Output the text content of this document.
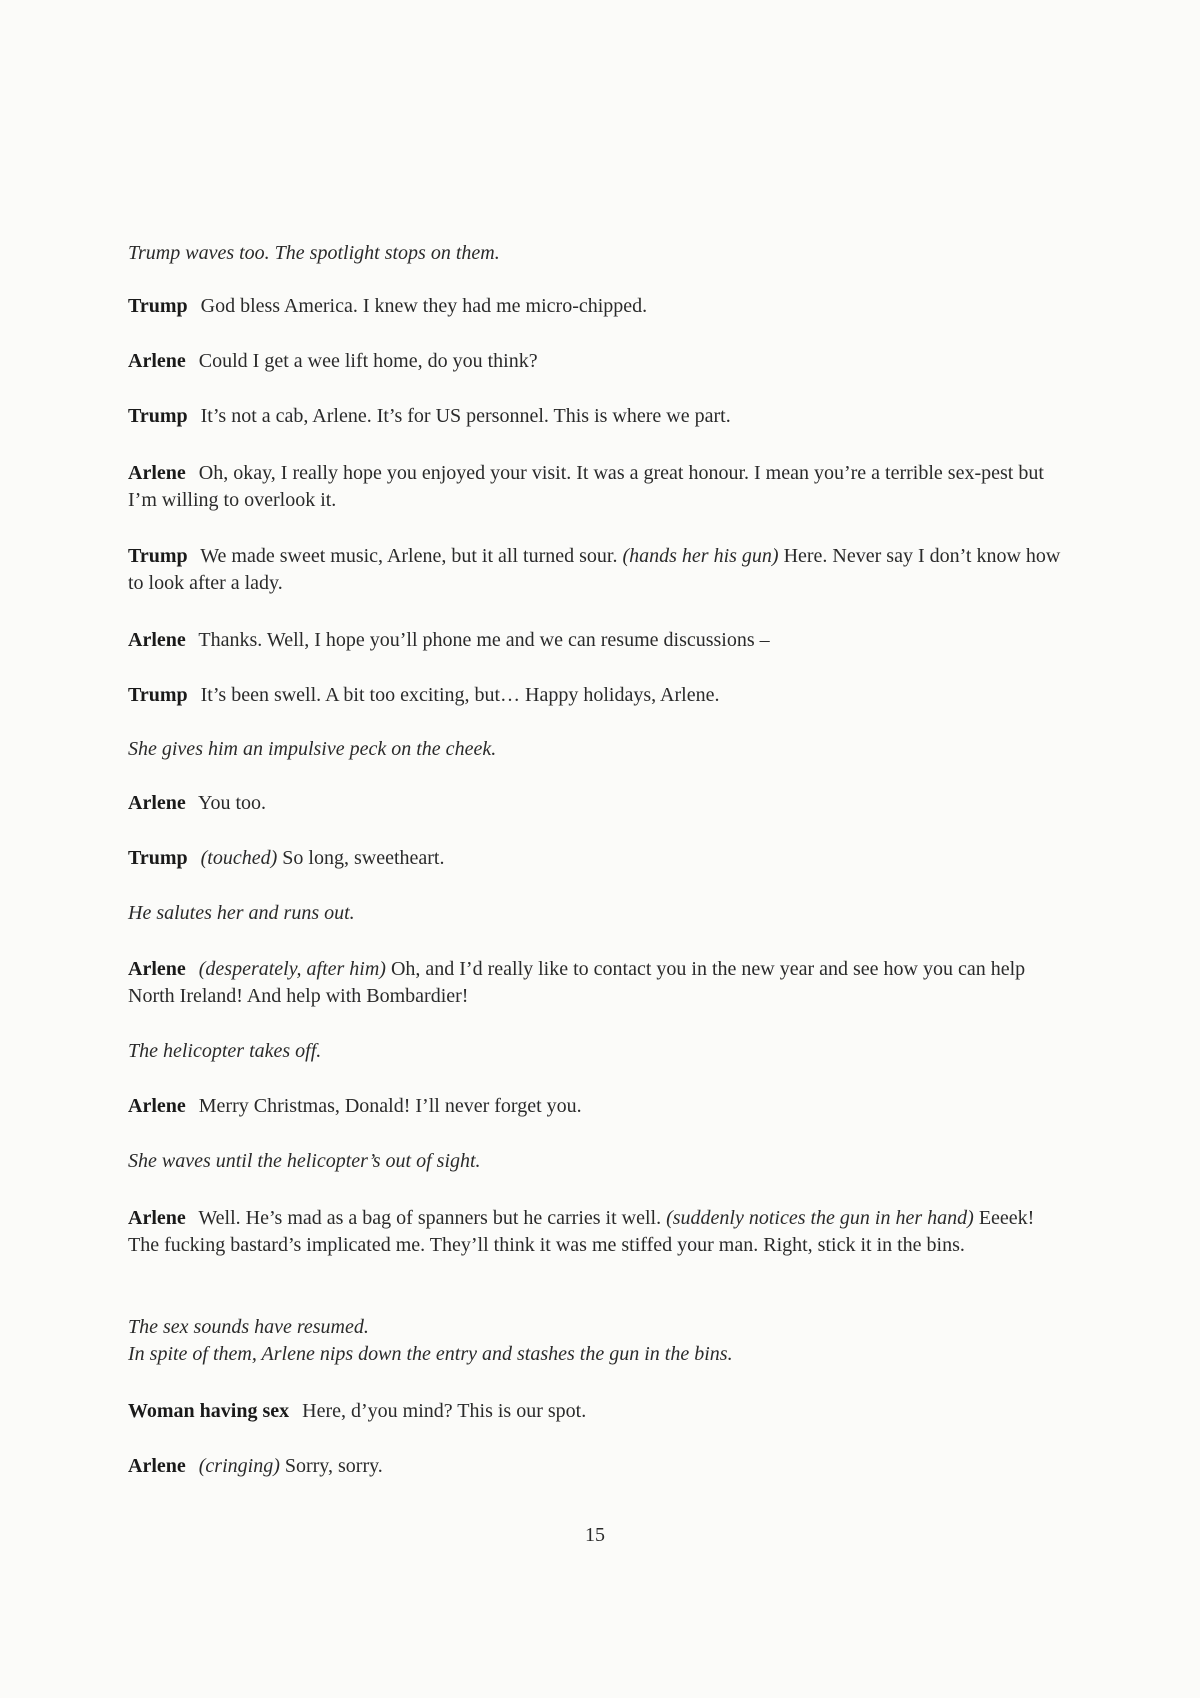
Trump waves too. The spotlight stops on them.
Trump God bless America. I knew they had me micro-chipped.
Arlene Could I get a wee lift home, do you think?
Trump It’s not a cab, Arlene. It’s for US personnel. This is where we part.
Arlene Oh, okay, I really hope you enjoyed your visit. It was a great honour. I mean you’re a terrible sex-pest but I’m willing to overlook it.
Trump We made sweet music, Arlene, but it all turned sour. (hands her his gun) Here. Never say I don’t know how to look after a lady.
Arlene Thanks. Well, I hope you’ll phone me and we can resume discussions –
Trump It’s been swell. A bit too exciting, but… Happy holidays, Arlene.
She gives him an impulsive peck on the cheek.
Arlene You too.
Trump (touched) So long, sweetheart.
He salutes her and runs out.
Arlene (desperately, after him) Oh, and I’d really like to contact you in the new year and see how you can help North Ireland! And help with Bombardier!
The helicopter takes off.
Arlene Merry Christmas, Donald! I’ll never forget you.
She waves until the helicopter’s out of sight.
Arlene Well. He’s mad as a bag of spanners but he carries it well. (suddenly notices the gun in her hand) Eeeek! The fucking bastard’s implicated me. They’ll think it was me stiffed your man. Right, stick it in the bins.
The sex sounds have resumed.
In spite of them, Arlene nips down the entry and stashes the gun in the bins.
Woman having sex Here, d’you mind? This is our spot.
Arlene (cringing) Sorry, sorry.
15
